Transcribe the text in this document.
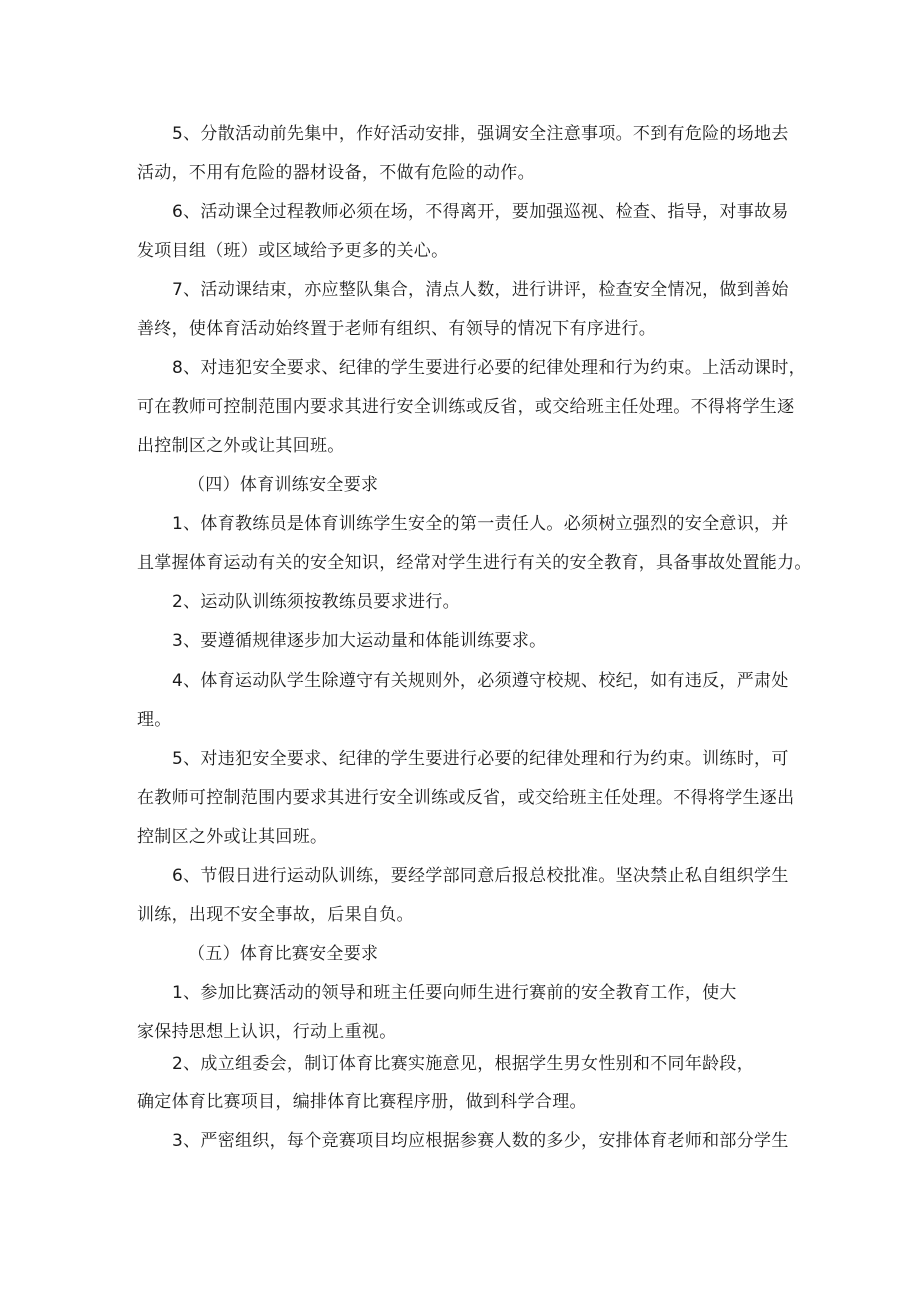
5、分散活动前先集中，作好活动安排，强调安全注意事项。不到有危险的场地去
活动，不用有危险的器材设备，不做有危险的动作。
6、活动课全过程教师必须在场，不得离开，要加强巡视、检查、指导，对事故易
发项目组（班）或区域给予更多的关心。
7、活动课结束，亦应整队集合，清点人数，进行讲评，检查安全情况，做到善始
善终，使体育活动始终置于老师有组织、有领导的情况下有序进行。
8、对违犯安全要求、纪律的学生要进行必要的纪律处理和行为约束。上活动课时，
可在教师可控制范围内要求其进行安全训练或反省，或交给班主任处理。不得将学生逐
出控制区之外或让其回班。
（四）体育训练安全要求
1、体育教练员是体育训练学生安全的第一责任人。必须树立强烈的安全意识，并
且掌握体育运动有关的安全知识，经常对学生进行有关的安全教育，具备事故处置能力。
2、运动队训练须按教练员要求进行。
3、要遵循规律逐步加大运动量和体能训练要求。
4、体育运动队学生除遵守有关规则外，必须遵守校规、校纪，如有违反，严肃处
理。
5、对违犯安全要求、纪律的学生要进行必要的纪律处理和行为约束。训练时，可
在教师可控制范围内要求其进行安全训练或反省，或交给班主任处理。不得将学生逐出
控制区之外或让其回班。
6、节假日进行运动队训练，要经学部同意后报总校批准。坚决禁止私自组织学生
训练，出现不安全事故，后果自负。
（五）体育比赛安全要求
1、参加比赛活动的领导和班主任要向师生进行赛前的安全教育工作，使大
家保持思想上认识，行动上重视。
2、成立组委会，制订体育比赛实施意见，根据学生男女性别和不同年龄段，
确定体育比赛项目，编排体育比赛程序册，做到科学合理。
3、严密组织，每个竞赛项目均应根据参赛人数的多少，安排体育老师和部分学生
